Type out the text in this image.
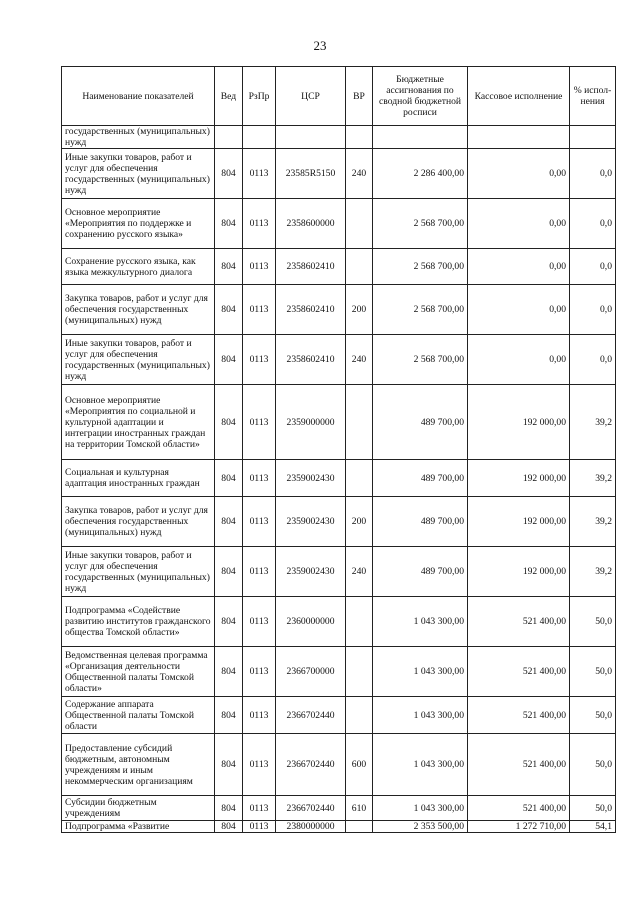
23
Наименование показателей	Вед	РзПр	ЦСР	ВР	Бюджетные ассигнования по сводной бюджетной росписи	Кассовое исполнение	% испол-нения
государственных (муниципальных) нужд							
Иные закупки товаров, работ и услуг для обеспечения государственных (муниципальных) нужд	804	0113	23585R5150	240	2 286 400,00	0,00	0,0
Основное мероприятие «Мероприятия по поддержке и сохранению русского языка»	804	0113	2358600000		2 568 700,00	0,00	0,0
Сохранение русского языка, как языка межкультурного диалога	804	0113	2358602410		2 568 700,00	0,00	0,0
Закупка товаров, работ и услуг для обеспечения государственных (муниципальных) нужд	804	0113	2358602410	200	2 568 700,00	0,00	0,0
Иные закупки товаров, работ и услуг для обеспечения государственных (муниципальных) нужд	804	0113	2358602410	240	2 568 700,00	0,00	0,0
Основное мероприятие «Мероприятия по социальной и культурной адаптации и интеграции иностранных граждан на территории Томской области»	804	0113	2359000000		489 700,00	192 000,00	39,2
Социальная и культурная адаптация иностранных граждан	804	0113	2359002430		489 700,00	192 000,00	39,2
Закупка товаров, работ и услуг для обеспечения государственных (муниципальных) нужд	804	0113	2359002430	200	489 700,00	192 000,00	39,2
Иные закупки товаров, работ и услуг для обеспечения государственных (муниципальных) нужд	804	0113	2359002430	240	489 700,00	192 000,00	39,2
Подпрограмма «Содействие развитию институтов гражданского общества Томской области»	804	0113	2360000000		1 043 300,00	521 400,00	50,0
Ведомственная целевая программа «Организация деятельности Общественной палаты Томской области»	804	0113	2366700000		1 043 300,00	521 400,00	50,0
Содержание аппарата Общественной палаты Томской области	804	0113	2366702440		1 043 300,00	521 400,00	50,0
Предоставление субсидий бюджетным, автономным учреждениям и иным некоммерческим организациям	804	0113	2366702440	600	1 043 300,00	521 400,00	50,0
Субсидии бюджетным учреждениям	804	0113	2366702440	610	1 043 300,00	521 400,00	50,0
Подпрограмма «Развитие	804	0113	2380000000		2 353 500,00	1 272 710,00	54,1
